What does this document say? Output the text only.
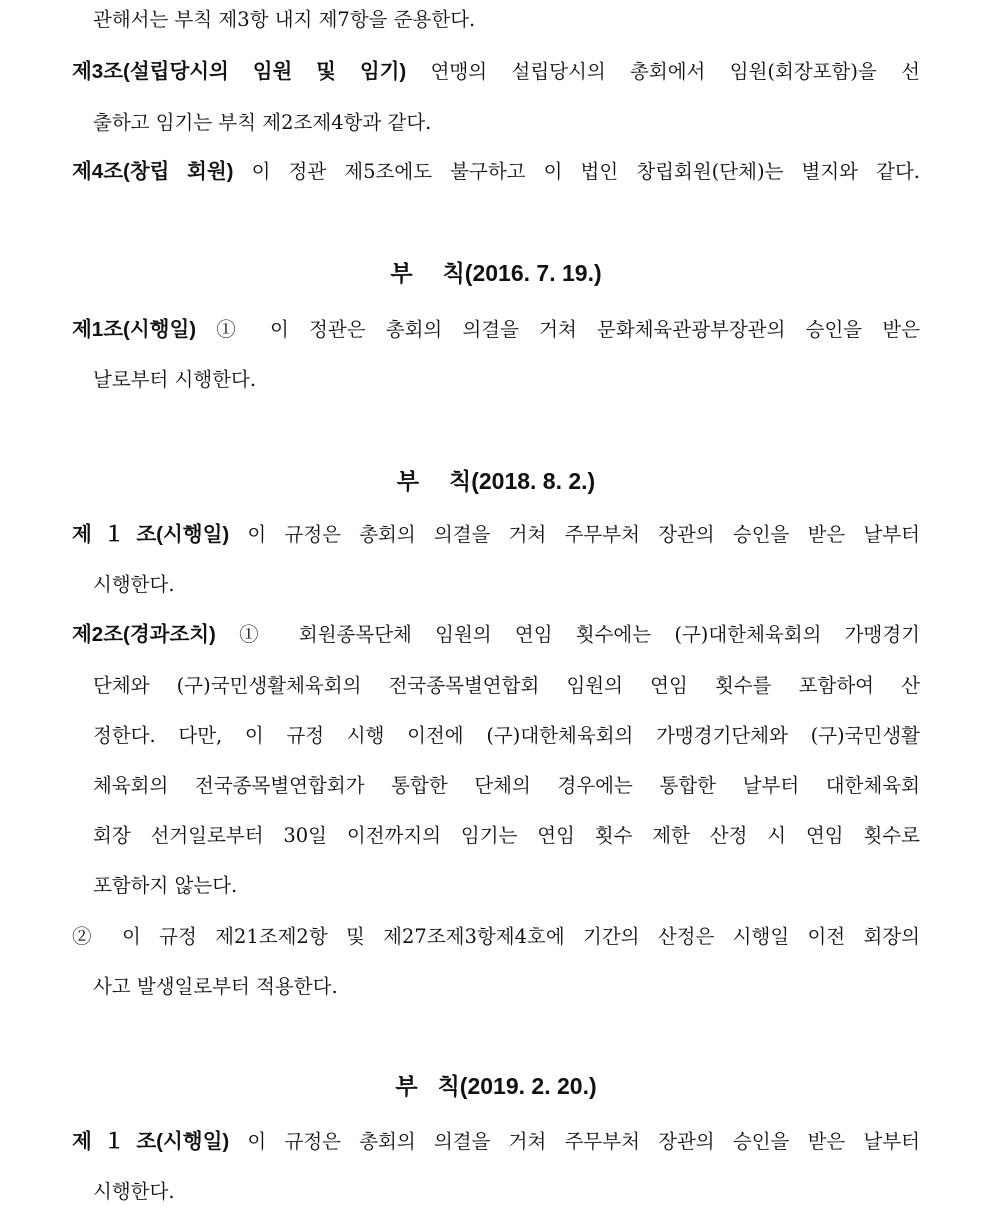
관해서는 부칙 제3항 내지 제7항을 준용한다.
제3조(설립당시의 임원 및 임기) 연맹의 설립당시의 총회에서 임원(회장포함)을 선
출하고 임기는 부칙 제2조제4항과 같다.
제4조(창립 회원) 이 정관 제5조에도 불구하고 이 법인 창립회원(단체)는 별지와 같다.
부 칙(2016. 7. 19.)
제1조(시행일) ① 이 정관은 총회의 의결을 거쳐 문화체육관광부장관의 승인을 받은
날로부터 시행한다.
부 칙(2018. 8. 2.)
제１조(시행일) 이 규정은 총회의 의결을 거쳐 주무부처 장관의 승인을 받은 날부터
시행한다.
제2조(경과조치) ① 회원종목단체 임원의 연임 횟수에는 (구)대한체육회의 가맹경기
단체와 (구)국민생활체육회의 전국종목별연합회 임원의 연임 횟수를 포함하여 산
정한다. 다만, 이 규정 시행 이전에 (구)대한체육회의 가맹경기단체와 (구)국민생활
체육회의 전국종목별연합회가 통합한 단체의 경우에는 통합한 날부터 대한체육회
회장 선거일로부터 30일 이전까지의 임기는 연임 횟수 제한 산정 시 연임 횟수로
포함하지 않는다.
② 이 규정 제21조제2항 및 제27조제3항제4호에 기간의 산정은 시행일 이전 회장의
사고 발생일로부터 적용한다.
부 칙(2019. 2. 20.)
제１조(시행일) 이 규정은 총회의 의결을 거쳐 주무부처 장관의 승인을 받은 날부터
시행한다.
